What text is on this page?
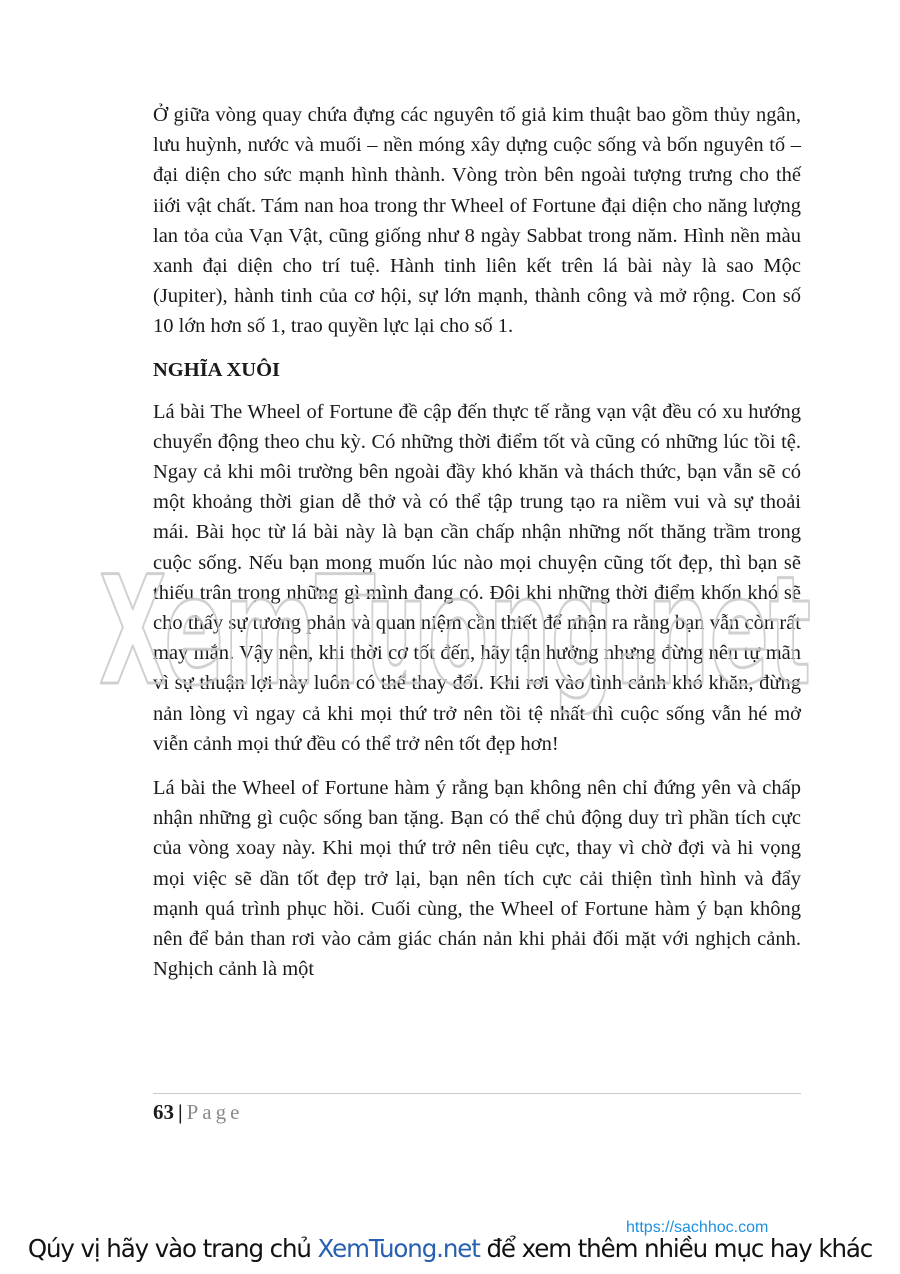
Ở giữa vòng quay chứa đựng các nguyên tố giả kim thuật bao gồm thủy ngân, lưu huỳnh, nước và muối – nền móng xây dựng cuộc sống và bốn nguyên tố – đại diện cho sức mạnh hình thành. Vòng tròn bên ngoài tượng trưng cho thế iiới vật chất. Tám nan hoa trong thr Wheel of Fortune đại diện cho năng lượng lan tỏa của Vạn Vật, cũng giống như 8 ngày Sabbat trong năm. Hình nền màu xanh đại diện cho trí tuệ. Hành tinh liên kết trên lá bài này là sao Mộc (Jupiter), hành tinh của cơ hội, sự lớn mạnh, thành công và mở rộng. Con số 10 lớn hơn số 1, trao quyền lực lại cho số 1.

NGHĨA XUÔI

Lá bài The Wheel of Fortune đề cập đến thực tế rằng vạn vật đều có xu hướng chuyển động theo chu kỳ. Có những thời điểm tốt và cũng có những lúc tồi tệ. Ngay cả khi môi trường bên ngoài đầy khó khăn và thách thức, bạn vẫn sẽ có một khoảng thời gian dễ thở và có thể tập trung tạo ra niềm vui và sự thoải mái. Bài học từ lá bài này là bạn cần chấp nhận những nốt thăng trầm trong cuộc sống. Nếu bạn mong muốn lúc nào mọi chuyện cũng tốt đẹp, thì bạn sẽ thiếu trân trọng những gì mình đang có. Đôi khi những thời điểm khốn khó sẽ cho thấy sự tương phản và quan niệm cần thiết để nhận ra rằng bạn vẫn còn rất may mắn. Vậy nên, khi thời cơ tốt đến, hãy tận hưởng nhưng đừng nên tự mãn vì sự thuận lợi này luôn có thể thay đổi. Khi rơi vào tình cảnh khó khăn, đừng nản lòng vì ngay cả khi mọi thứ trở nên tồi tệ nhất thì cuộc sống vẫn hé mở viễn cảnh mọi thứ đều có thể trở nên tốt đẹp hơn!

Lá bài the Wheel of Fortune hàm ý rằng bạn không nên chỉ đứng yên và chấp nhận những gì cuộc sống ban tặng. Bạn có thể chủ động duy trì phần tích cực của vòng xoay này. Khi mọi thứ trở nên tiêu cực, thay vì chờ đợi và hi vọng mọi việc sẽ dần tốt đẹp trở lại, bạn nên tích cực cải thiện tình hình và đẩy mạnh quá trình phục hồi. Cuối cùng, the Wheel of Fortune hàm ý bạn không nên để bản than rơi vào cảm giác chán nản khi phải đối mặt với nghịch cảnh. Nghịch cảnh là một

XemTuong.net
63 | Page
https://sachhoc.com
Qúy vị hãy vào trang chủ XemTuong.net để xem thêm nhiều mục hay khác
